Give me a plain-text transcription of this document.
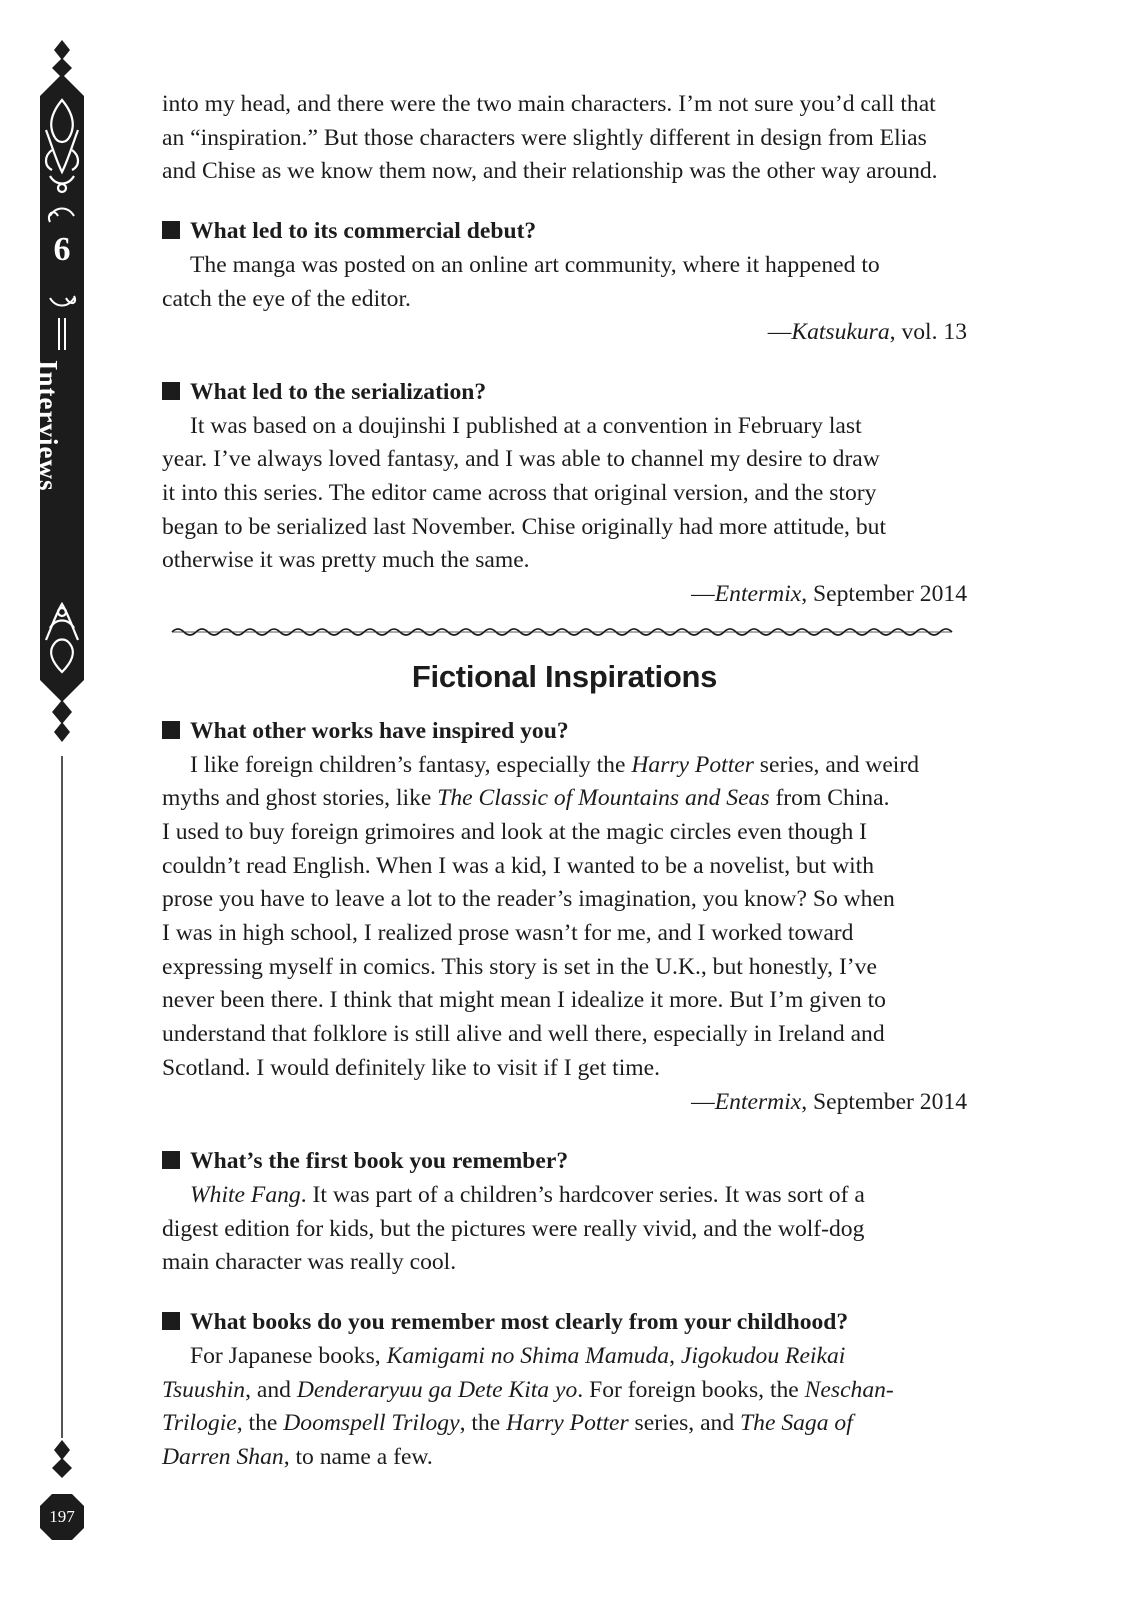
6
Interviews
197

into my head, and there were the two main characters. I’m not sure you’d call that

an “inspiration.” But those characters were slightly different in design from Elias

and Chise as we know them now, and their relationship was the other way around.

What led to its commercial debut?

The manga was posted on an online art community, where it happened to

catch the eye of the editor.

—Katsukura, vol. 13

What led to the serialization?

It was based on a doujinshi I published at a convention in February last

year. I’ve always loved fantasy, and I was able to channel my desire to draw

it into this series. The editor came across that original version, and the story

began to be serialized last November. Chise originally had more attitude, but

otherwise it was pretty much the same.

—Entermix, September 2014

Fictional Inspirations

What other works have inspired you?

I like foreign children’s fantasy, especially the Harry Potter series, and weird

myths and ghost stories, like The Classic of Mountains and Seas from China.

I used to buy foreign grimoires and look at the magic circles even though I

couldn’t read English. When I was a kid, I wanted to be a novelist, but with

prose you have to leave a lot to the reader’s imagination, you know? So when

I was in high school, I realized prose wasn’t for me, and I worked toward

expressing myself in comics. This story is set in the U.K., but honestly, I’ve

never been there. I think that might mean I idealize it more. But I’m given to

understand that folklore is still alive and well there, especially in Ireland and

Scotland. I would definitely like to visit if I get time.

—Entermix, September 2014

What’s the first book you remember?

White Fang. It was part of a children’s hardcover series. It was sort of a

digest edition for kids, but the pictures were really vivid, and the wolf-dog

main character was really cool.

What books do you remember most clearly from your childhood?

For Japanese books, Kamigami no Shima Mamuda, Jigokudou Reikai

Tsuushin, and Denderaryuu ga Dete Kita yo. For foreign books, the Neschan-

Trilogie, the Doomspell Trilogy, the Harry Potter series, and The Saga of

Darren Shan, to name a few.
